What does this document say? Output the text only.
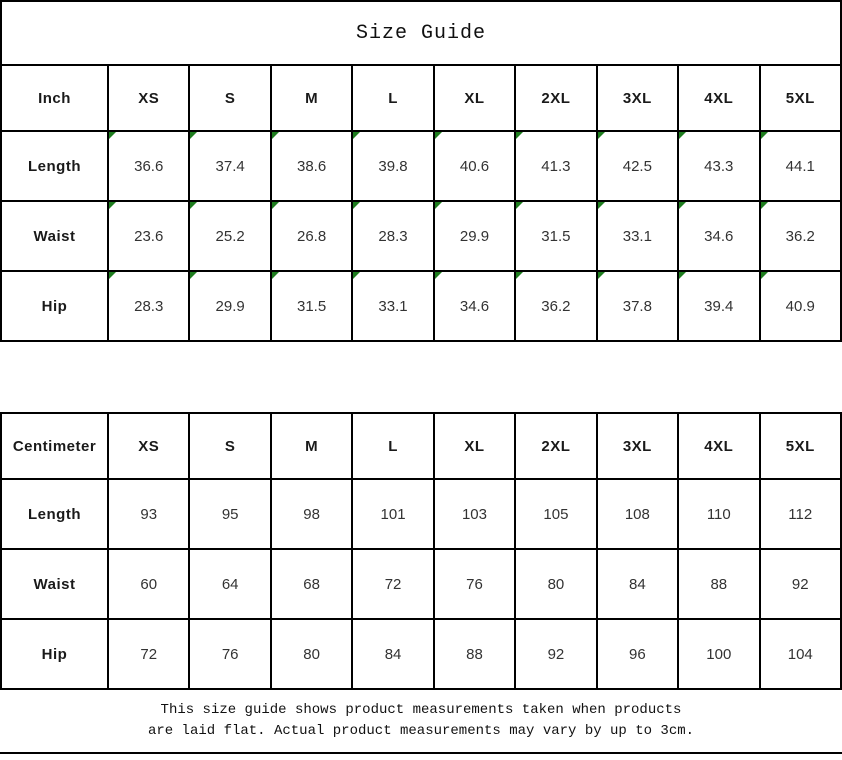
Size Guide
Inch	XS	S	M	L	XL	2XL	3XL	4XL	5XL
Length	36.6	37.4	38.6	39.8	40.6	41.3	42.5	43.3	44.1
Waist	23.6	25.2	26.8	28.3	29.9	31.5	33.1	34.6	36.2
Hip	28.3	29.9	31.5	33.1	34.6	36.2	37.8	39.4	40.9
Centimeter	XS	S	M	L	XL	2XL	3XL	4XL	5XL
Length	93	95	98	101	103	105	108	110	112
Waist	60	64	68	72	76	80	84	88	92
Hip	72	76	80	84	88	92	96	100	104
This size guide shows product measurements taken when products
are laid flat. Actual product measurements may vary by up to 3cm.
